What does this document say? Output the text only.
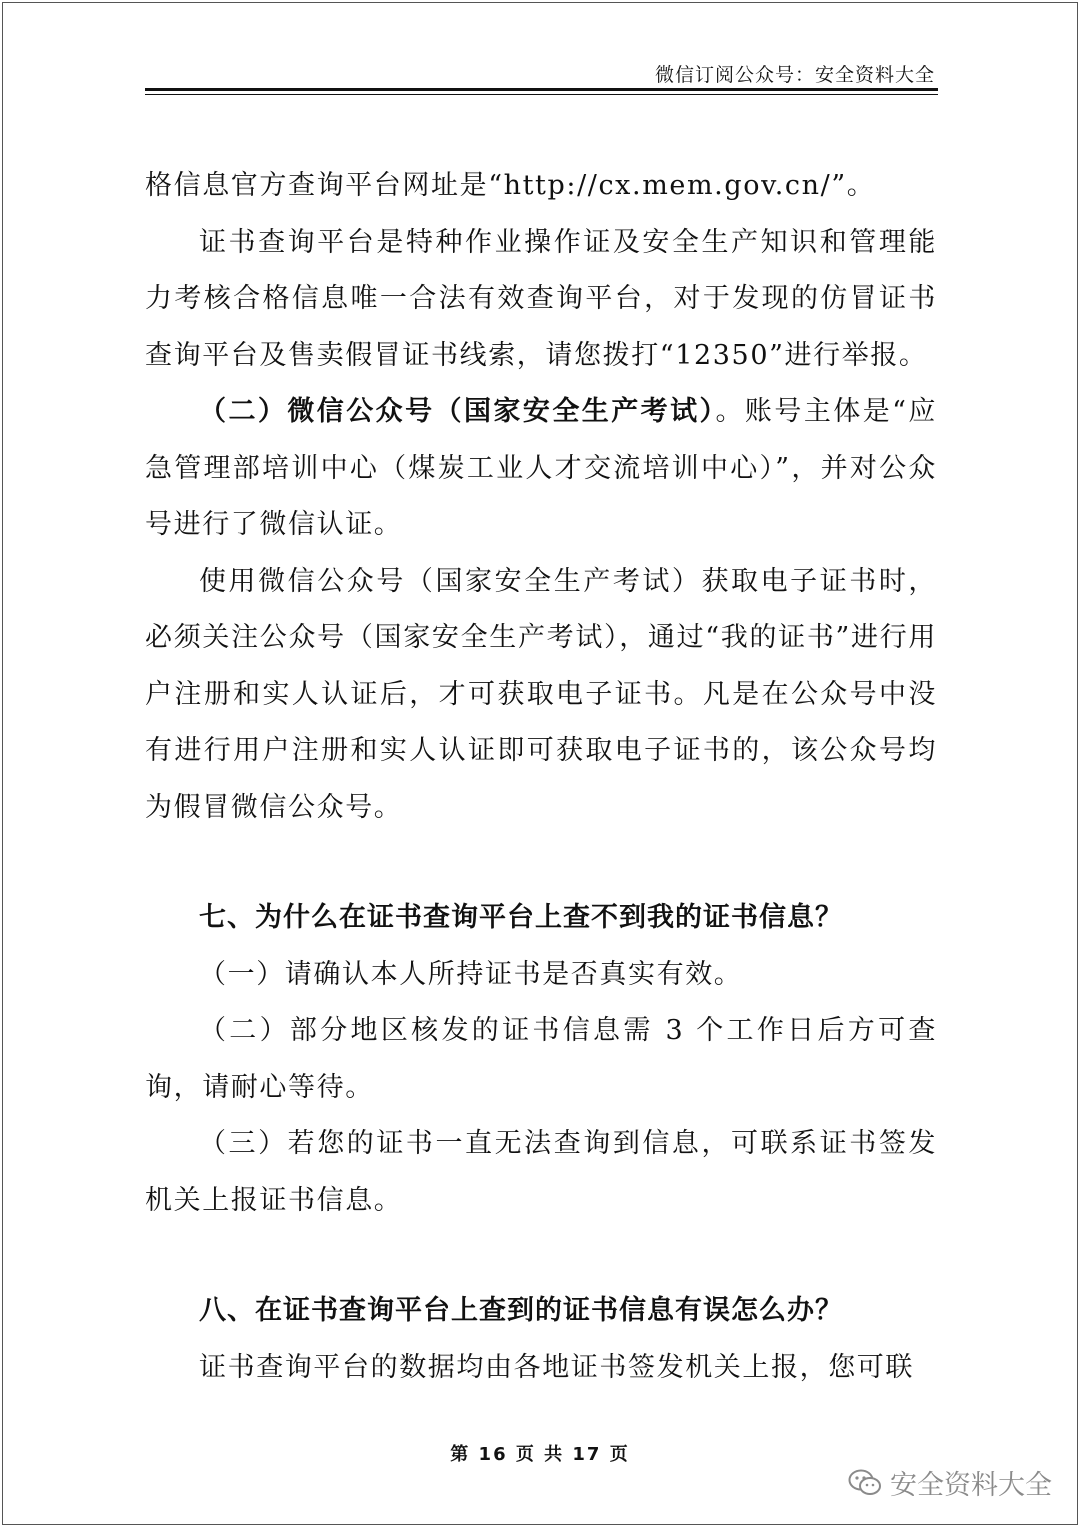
微信订阅公众号：安全资料大全

格信息官方查询平台网址是“http://cx.mem.gov.cn/”。

证书查询平台是特种作业操作证及安全生产知识和管理能力考核合格信息唯一合法有效查询平台，对于发现的仿冒证书查询平台及售卖假冒证书线索，请您拨打“12350”进行举报。

（二）微信公众号（国家安全生产考试）。账号主体是“应急管理部培训中心（煤炭工业人才交流培训中心）”，并对公众号进行了微信认证。

使用微信公众号（国家安全生产考试）获取电子证书时，必须关注公众号（国家安全生产考试），通过“我的证书”进行用户注册和实人认证后，才可获取电子证书。凡是在公众号中没有进行用户注册和实人认证即可获取电子证书的，该公众号均为假冒微信公众号。

七、为什么在证书查询平台上查不到我的证书信息？

（一）请确认本人所持证书是否真实有效。

（二）部分地区核发的证书信息需 3 个工作日后方可查询，请耐心等待。

（三）若您的证书一直无法查询到信息，可联系证书签发机关上报证书信息。

八、在证书查询平台上查到的证书信息有误怎么办？

证书查询平台的数据均由各地证书签发机关上报，您可联

第 16 页 共 17 页
安全资料大全
